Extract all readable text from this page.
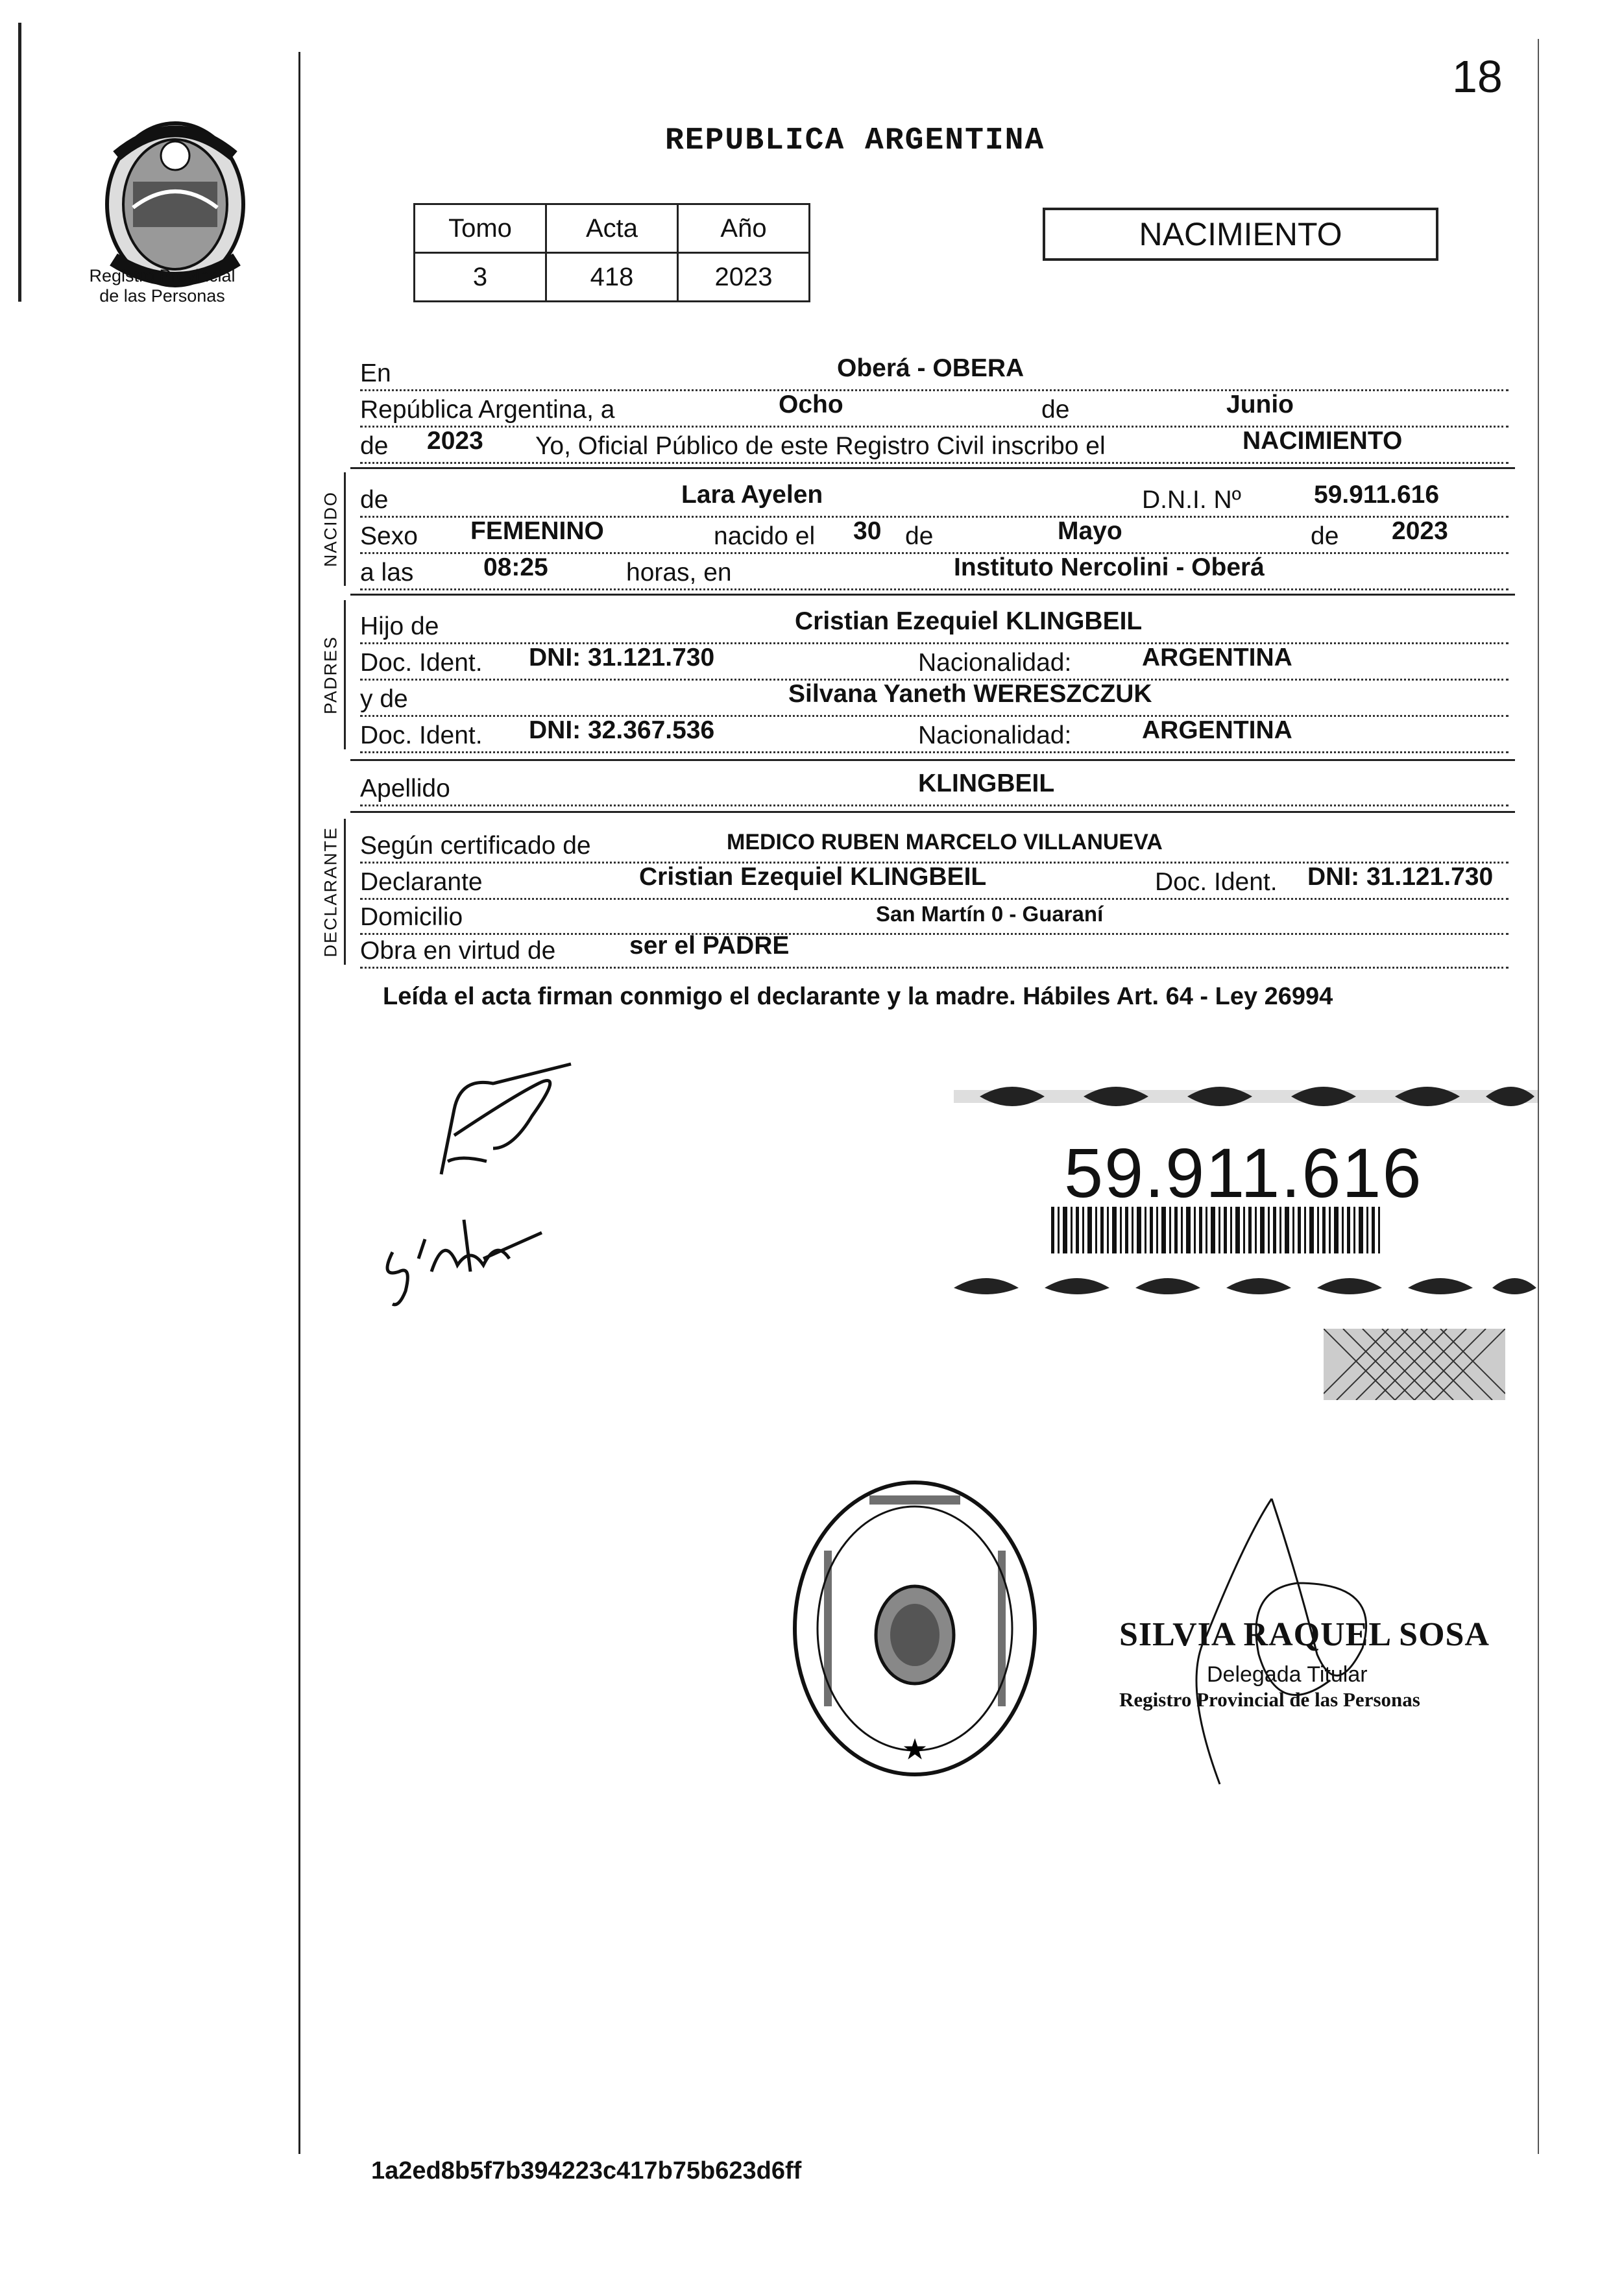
18
Registro Provincial
de las Personas
REPUBLICA ARGENTINA
Tomo	Acta	Año
3	418	2023
NACIMIENTO
En	Oberá - OBERA
República Argentina, a	Ocho	de	Junio
de 2023 Yo, Oficial Público de este Registro Civil inscribo el	NACIMIENTO
NACIDO de	Lara Ayelen	D.N.I. Nº	59.911.616
Sexo FEMENINO	nacido el 30 de	Mayo	de 2023
a las	08:25	horas, en	Instituto Nercolini - Oberá
PADRES
Hijo de	Cristian Ezequiel KLINGBEIL
Doc. Ident. DNI: 31.121.730	Nacionalidad:	ARGENTINA
y de	Silvana Yaneth WERESZCZUK
Doc. Ident. DNI: 32.367.536	Nacionalidad:	ARGENTINA
Apellido	KLINGBEIL
DECLARANTE Según certificado de	MEDICO RUBEN MARCELO VILLANUEVA
Declarante	Cristian Ezequiel KLINGBEIL	Doc. Ident. DNI: 31.121.730
Domicilio	San Martín 0 - Guaraní
Obra en virtud de	ser el PADRE
Leída el acta firman conmigo el declarante y la madre. Hábiles Art. 64 - Ley 26994
59.911.616
★
SILVIA RAQUEL SOSA
Delegada Titular
Registro Provincial de las Personas
1a2ed8b5f7b394223c417b75b623d6ff
